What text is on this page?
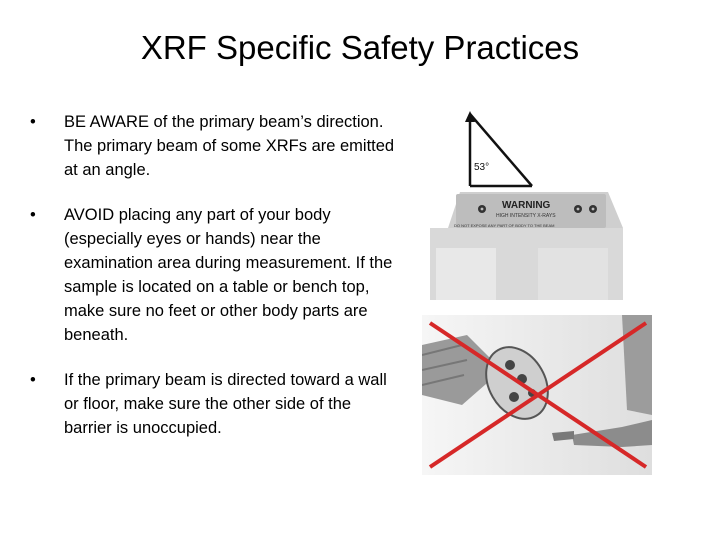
XRF Specific Safety Practices
•	BE AWARE of the primary beam’s direction. The primary beam of some XRFs are emitted at an angle.
•	AVOID placing any part of your body (especially eyes or hands) near the examination area during measurement. If the sample is located on a table or bench top, make sure no feet or other body parts are beneath.
•	If the primary beam is directed toward a wall or floor, make sure the other side of the barrier is unoccupied.
53°
WARNING
HIGH INTENSITY X-RAYS
DO NOT EXPOSE ANY PART OF BODY TO THE BEAM
